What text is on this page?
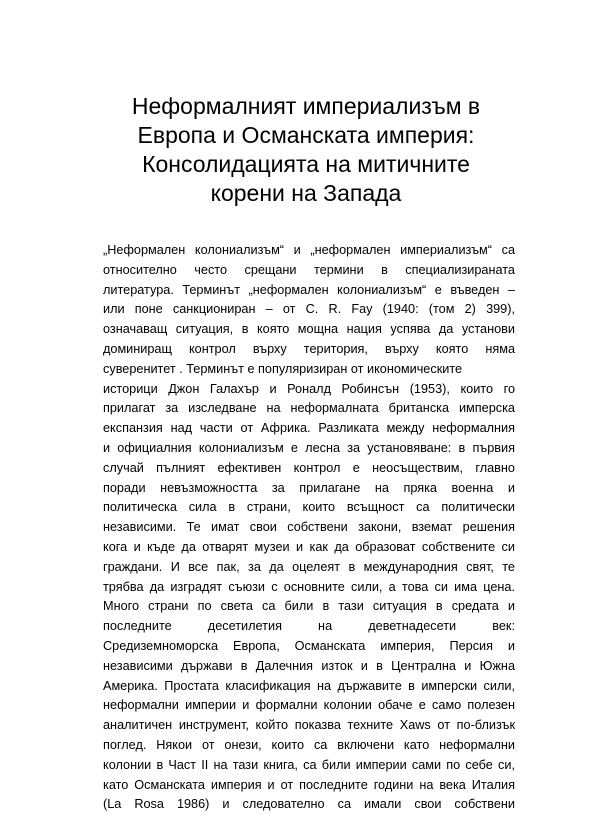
Неформалният империализъм в
Европа и Османската империя:
Консолидацията на митичните
корени на Запада
„Неформален колониализъм“ и „неформален империализъм“ са
относително често срещани термини в специализираната
литература. Терминът „неформален колониализъм“ е въведен –
или поне санкциониран – от C. R. Fay (1940: (том 2) 399),
означаващ ситуация, в която мощна нация успява да установи
доминиращ контрол върху територия, върху която няма
суверенитет . Терминът е популяризиран от икономическите
историци Джон Галахър и Роналд Робинсън (1953), които го
прилагат за изследване на неформалната британска имперска
експанзия над части от Африка. Разликата между неформалния
и официалния колониализъм е лесна за установяване: в първия
случай пълният ефективен контрол е неосъществим, главно
поради невъзможността за прилагане на пряка военна и
политическа сила в страни, които всъщност са политически
независими. Те имат свои собствени закони, вземат решения
кога и къде да отварят музеи и как да образоват собствените си
граждани. И все пак, за да оцелеят в международния свят, те
трябва да изградят съюзи с основните сили, а това си има цена.
Много страни по света са били в тази ситуация в средата и
последните десетилетия на деветнадесети век:
Средиземноморска Европа, Османската империя, Персия и
независими държави в Далечния изток и в Централна и Южна
Америка. Простата класификация на държавите в имперски сили,
неформални империи и формални колонии обаче е само полезен
аналитичен инструмент, който показва техните Xaws от по-близък
поглед. Някои от онези, които са включени като неформални
колонии в Част II на тази книга, са били империи сами по себе си,
като Османската империя и от последните години на века Италия
(La Rosa 1986) и следователно са имали свои собствени
